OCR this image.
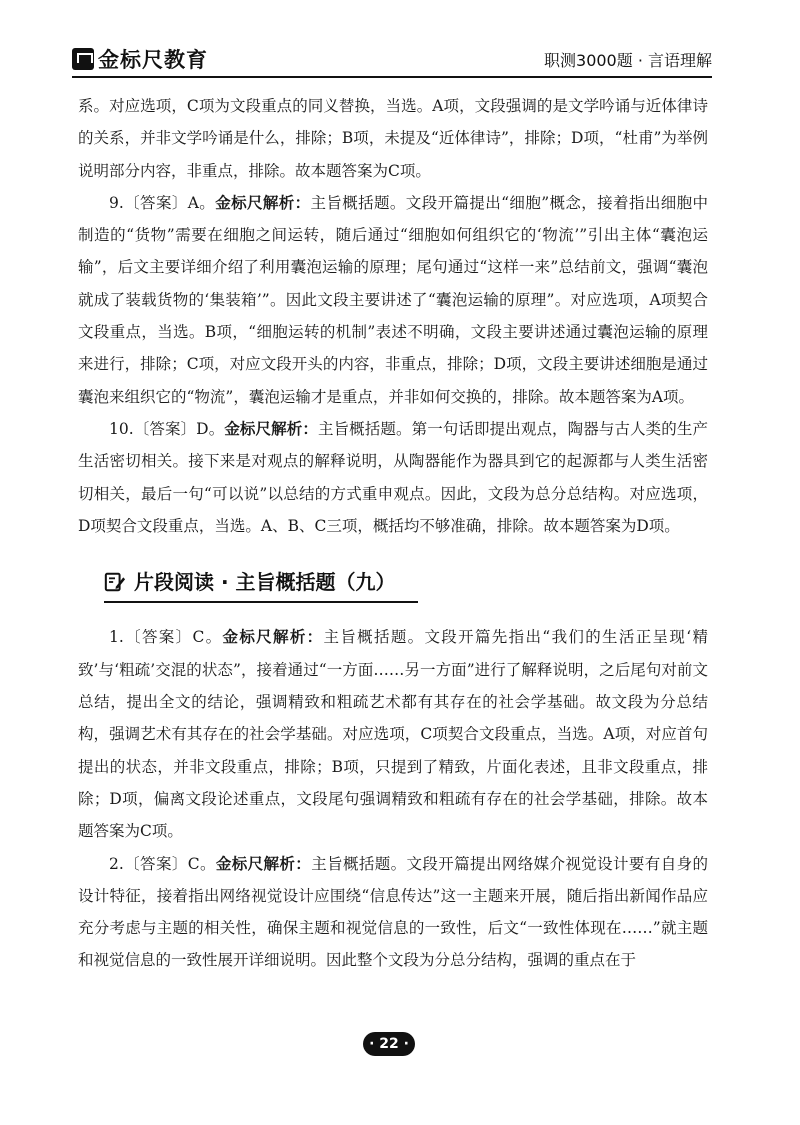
金标尺教育	职测3000题 · 言语理解

系。对应选项，C项为文段重点的同义替换，当选。A项，文段强调的是文学吟诵与近体律诗的关系，并非文学吟诵是什么，排除；B项，未提及“近体律诗”，排除；D项，“杜甫”为举例说明部分内容，非重点，排除。故本题答案为C项。

9.〔答案〕A。金标尺解析：主旨概括题。文段开篇提出“细胞”概念，接着指出细胞中制造的“货物”需要在细胞之间运转，随后通过“细胞如何组织它的‘物流’”引出主体“囊泡运输”，后文主要详细介绍了利用囊泡运输的原理；尾句通过“这样一来”总结前文，强调“囊泡就成了装载货物的‘集装箱’”。因此文段主要讲述了“囊泡运输的原理”。对应选项，A项契合文段重点，当选。B项，“细胞运转的机制”表述不明确，文段主要讲述通过囊泡运输的原理来进行，排除；C项，对应文段开头的内容，非重点，排除；D项，文段主要讲述细胞是通过囊泡来组织它的“物流”，囊泡运输才是重点，并非如何交换的，排除。故本题答案为A项。

10.〔答案〕D。金标尺解析：主旨概括题。第一句话即提出观点，陶器与古人类的生产生活密切相关。接下来是对观点的解释说明，从陶器能作为器具到它的起源都与人类生活密切相关，最后一句“可以说”以总结的方式重申观点。因此，文段为总分总结构。对应选项，D项契合文段重点，当选。A、B、C三项，概括均不够准确，排除。故本题答案为D项。

片段阅读 · 主旨概括题（九）

1.〔答案〕C。金标尺解析：主旨概括题。文段开篇先指出“我们的生活正呈现‘精致’与‘粗疏’交混的状态”，接着通过“一方面……另一方面”进行了解释说明，之后尾句对前文总结，提出全文的结论，强调精致和粗疏艺术都有其存在的社会学基础。故文段为分总结构，强调艺术有其存在的社会学基础。对应选项，C项契合文段重点，当选。A项，对应首句提出的状态，并非文段重点，排除；B项，只提到了精致，片面化表述，且非文段重点，排除；D项，偏离文段论述重点，文段尾句强调精致和粗疏有存在的社会学基础，排除。故本题答案为C项。

2.〔答案〕C。金标尺解析：主旨概括题。文段开篇提出网络媒介视觉设计要有自身的设计特征，接着指出网络视觉设计应围绕“信息传达”这一主题来开展，随后指出新闻作品应充分考虑与主题的相关性，确保主题和视觉信息的一致性，后文“一致性体现在……”就主题和视觉信息的一致性展开详细说明。因此整个文段为分总分结构，强调的重点在于

· 22 ·
